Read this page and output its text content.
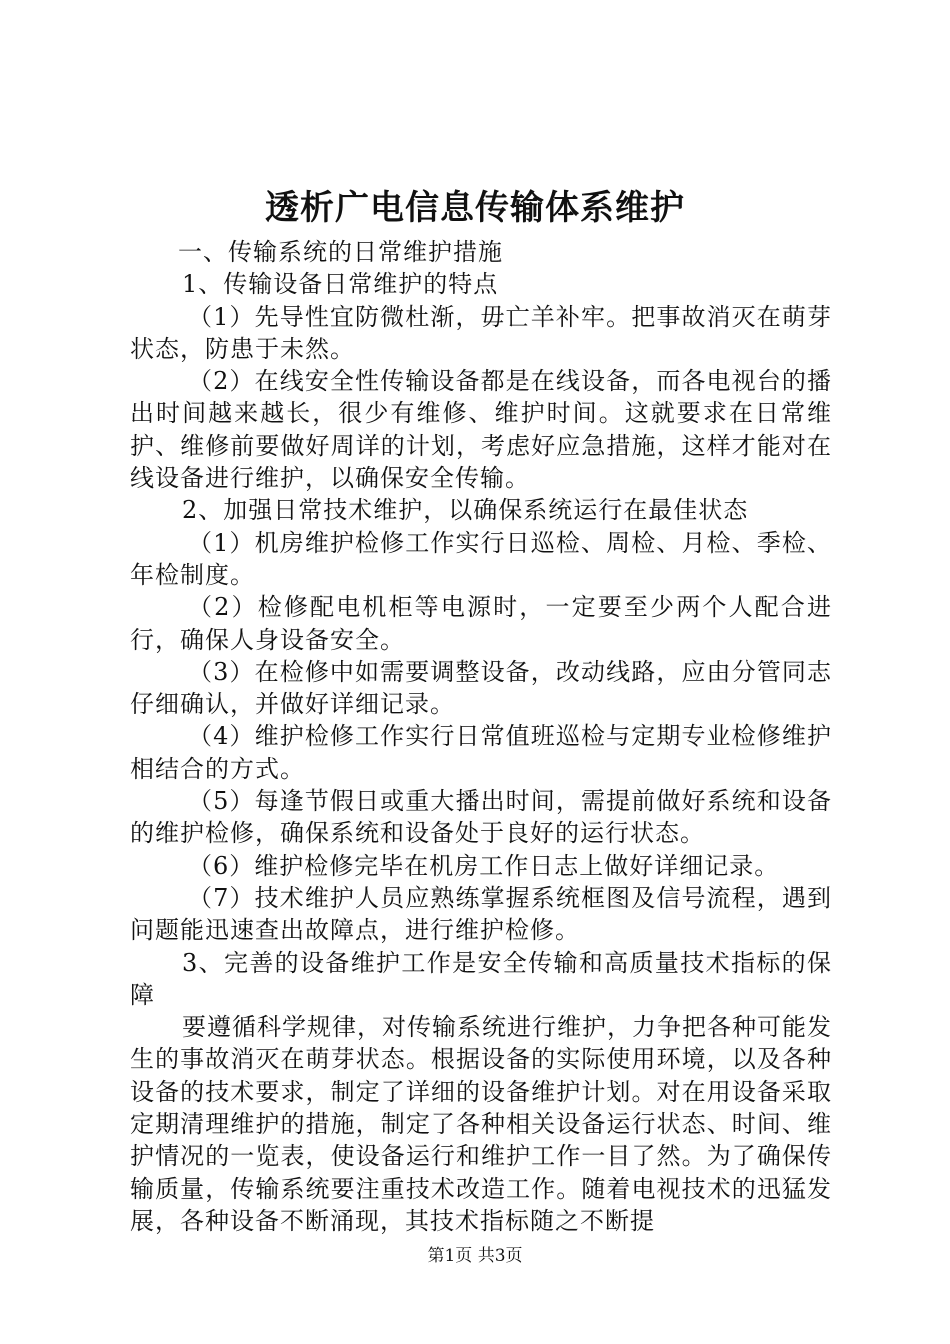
透析广电信息传输体系维护

一、传输系统的日常维护措施

1、传输设备日常维护的特点

（1）先导性宜防微杜渐，毋亡羊补牢。把事故消灭在萌芽状态，防患于未然。

（2）在线安全性传输设备都是在线设备，而各电视台的播出时间越来越长，很少有维修、维护时间。这就要求在日常维护、维修前要做好周详的计划，考虑好应急措施，这样才能对在线设备进行维护，以确保安全传输。

2、加强日常技术维护，以确保系统运行在最佳状态

（1）机房维护检修工作实行日巡检、周检、月检、季检、年检制度。

（2）检修配电机柜等电源时，一定要至少两个人配合进行，确保人身设备安全。

（3）在检修中如需要调整设备，改动线路，应由分管同志仔细确认，并做好详细记录。

（4）维护检修工作实行日常值班巡检与定期专业检修维护相结合的方式。

（5）每逢节假日或重大播出时间，需提前做好系统和设备的维护检修，确保系统和设备处于良好的运行状态。

（6）维护检修完毕在机房工作日志上做好详细记录。

（7）技术维护人员应熟练掌握系统框图及信号流程，遇到问题能迅速查出故障点，进行维护检修。

3、完善的设备维护工作是安全传输和高质量技术指标的保障

要遵循科学规律，对传输系统进行维护，力争把各种可能发生的事故消灭在萌芽状态。根据设备的实际使用环境，以及各种设备的技术要求，制定了详细的设备维护计划。对在用设备采取定期清理维护的措施，制定了各种相关设备运行状态、时间、维护情况的一览表，使设备运行和维护工作一目了然。为了确保传输质量，传输系统要注重技术改造工作。随着电视技术的迅猛发展，各种设备不断涌现，其技术指标随之不断提

第1页 共3页
